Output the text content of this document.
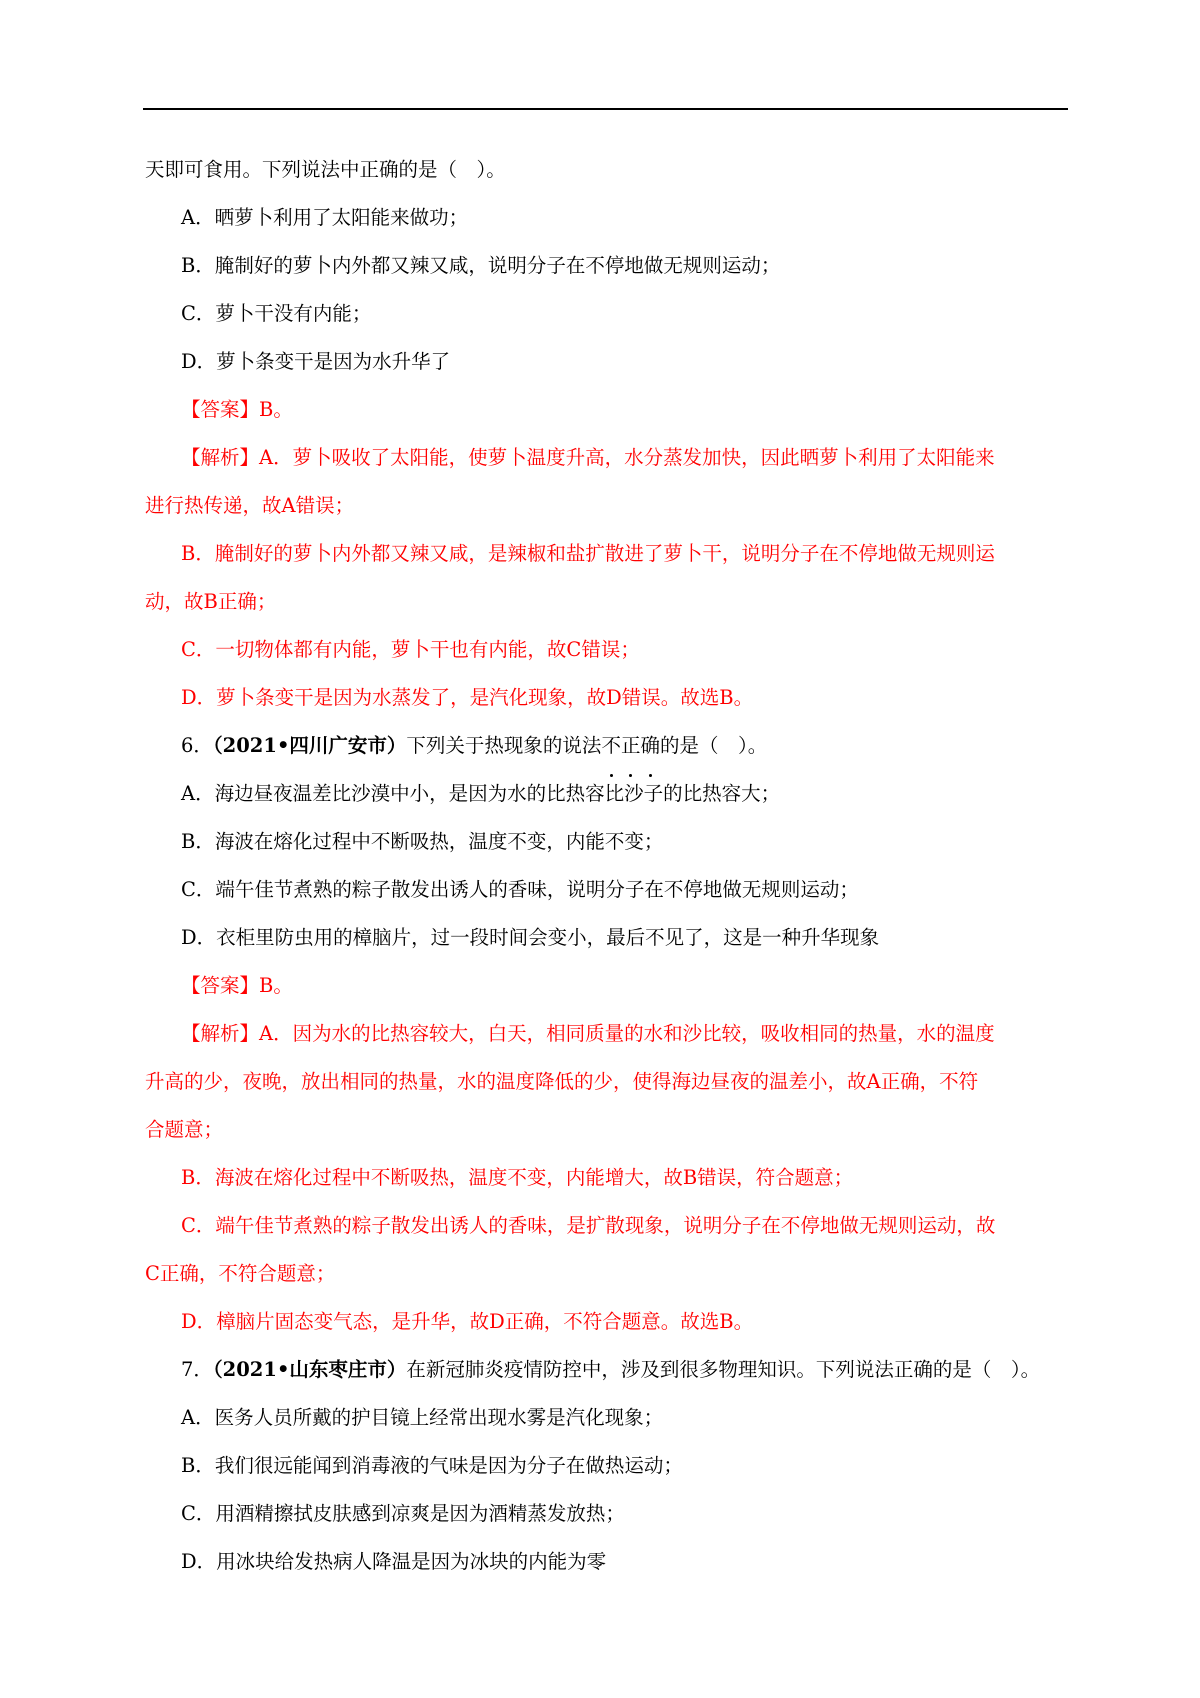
天即可食用。下列说法中正确的是（　）。
A．晒萝卜利用了太阳能来做功；
B．腌制好的萝卜内外都又辣又咸，说明分子在不停地做无规则运动；
C．萝卜干没有内能；
D．萝卜条变干是因为水升华了
【答案】B。
【解析】A．萝卜吸收了太阳能，使萝卜温度升高，水分蒸发加快，因此晒萝卜利用了太阳能来
进行热传递，故A错误；
B．腌制好的萝卜内外都又辣又咸，是辣椒和盐扩散进了萝卜干，说明分子在不停地做无规则运
动，故B正确；
C．一切物体都有内能，萝卜干也有内能，故C错误；
D．萝卜条变干是因为水蒸发了，是汽化现象，故D错误。故选B。
6．（2021•四川广安市）下列关于热现象的说法不正确的是（　）。
A．海边昼夜温差比沙漠中小，是因为水的比热容比沙子的比热容大；
B．海波在熔化过程中不断吸热，温度不变，内能不变；
C．端午佳节煮熟的粽子散发出诱人的香味，说明分子在不停地做无规则运动；
D．衣柜里防虫用的樟脑片，过一段时间会变小，最后不见了，这是一种升华现象
【答案】B。
【解析】A．因为水的比热容较大，白天，相同质量的水和沙比较，吸收相同的热量，水的温度
升高的少，夜晚，放出相同的热量，水的温度降低的少，使得海边昼夜的温差小，故A正确，不符
合题意；
B．海波在熔化过程中不断吸热，温度不变，内能增大，故B错误，符合题意；
C．端午佳节煮熟的粽子散发出诱人的香味，是扩散现象，说明分子在不停地做无规则运动，故
C正确，不符合题意；
D．樟脑片固态变气态，是升华，故D正确，不符合题意。故选B。
7．（2021•山东枣庄市）在新冠肺炎疫情防控中，涉及到很多物理知识。下列说法正确的是（　）。
A．医务人员所戴的护目镜上经常出现水雾是汽化现象；
B．我们很远能闻到消毒液的气味是因为分子在做热运动；
C．用酒精擦拭皮肤感到凉爽是因为酒精蒸发放热；
D．用冰块给发热病人降温是因为冰块的内能为零
